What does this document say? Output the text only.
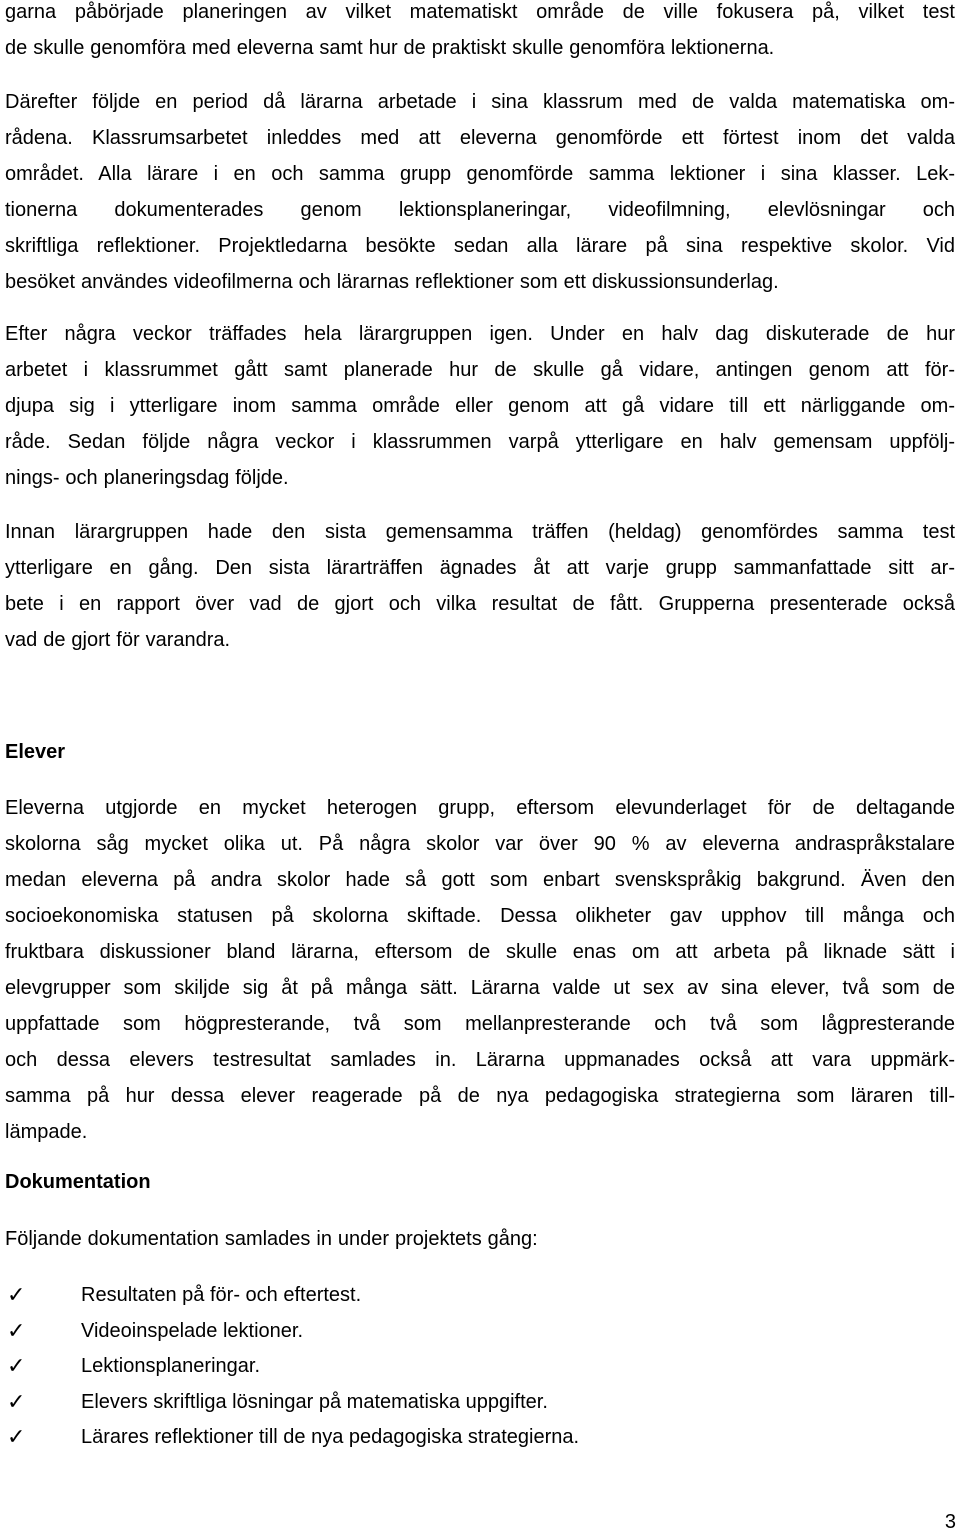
garna påbörjade planeringen av vilket matematiskt område de ville fokusera på, vilket test
de skulle genomföra med eleverna samt hur de praktiskt skulle genomföra lektionerna.

Därefter följde en period då lärarna arbetade i sina klassrum med de valda matematiska om-
rådena. Klassrumsarbetet inleddes med att eleverna genomförde ett förtest inom det valda
området. Alla lärare i en och samma grupp genomförde samma lektioner i sina klasser. Lek-
tionerna dokumenterades genom lektionsplaneringar, videofilmning, elevlösningar och
skriftliga reflektioner. Projektledarna besökte sedan alla lärare på sina respektive skolor. Vid
besöket användes videofilmerna och lärarnas reflektioner som ett diskussionsunderlag.

Efter några veckor träffades hela lärargruppen igen. Under en halv dag diskuterade de hur
arbetet i klassrummet gått samt planerade hur de skulle gå vidare, antingen genom att för-
djupa sig i ytterligare inom samma område eller genom att gå vidare till ett närliggande om-
råde. Sedan följde några veckor i klassrummen varpå ytterligare en halv gemensam uppfölj-
nings- och planeringsdag följde.

Innan lärargruppen hade den sista gemensamma träffen (heldag) genomfördes samma test
ytterligare en gång. Den sista lärarträffen ägnades åt att varje grupp sammanfattade sitt ar-
bete i en rapport över vad de gjort och vilka resultat de fått. Grupperna presenterade också
vad de gjort för varandra.

Elever

Eleverna utgjorde en mycket heterogen grupp, eftersom elevunderlaget för de deltagande
skolorna såg mycket olika ut. På några skolor var över 90 % av eleverna andraspråkstalare
medan eleverna på andra skolor hade så gott som enbart svenskspråkig bakgrund. Även den
socioekonomiska statusen på skolorna skiftade. Dessa olikheter gav upphov till många och
fruktbara diskussioner bland lärarna, eftersom de skulle enas om att arbeta på liknade sätt i
elevgrupper som skiljde sig åt på många sätt. Lärarna valde ut sex av sina elever, två som de
uppfattade som högpresterande, två som mellanpresterande och två som lågpresterande
och dessa elevers testresultat samlades in. Lärarna uppmanades också att vara uppmärk-
samma på hur dessa elever reagerade på de nya pedagogiska strategierna som läraren till-
lämpade.

Dokumentation

Följande dokumentation samlades in under projektets gång:

✓	Resultaten på för- och eftertest.
✓	Videoinspelade lektioner.
✓	Lektionsplaneringar.
✓	Elevers skriftliga lösningar på matematiska uppgifter.
✓	Lärares reflektioner till de nya pedagogiska strategierna.
3
